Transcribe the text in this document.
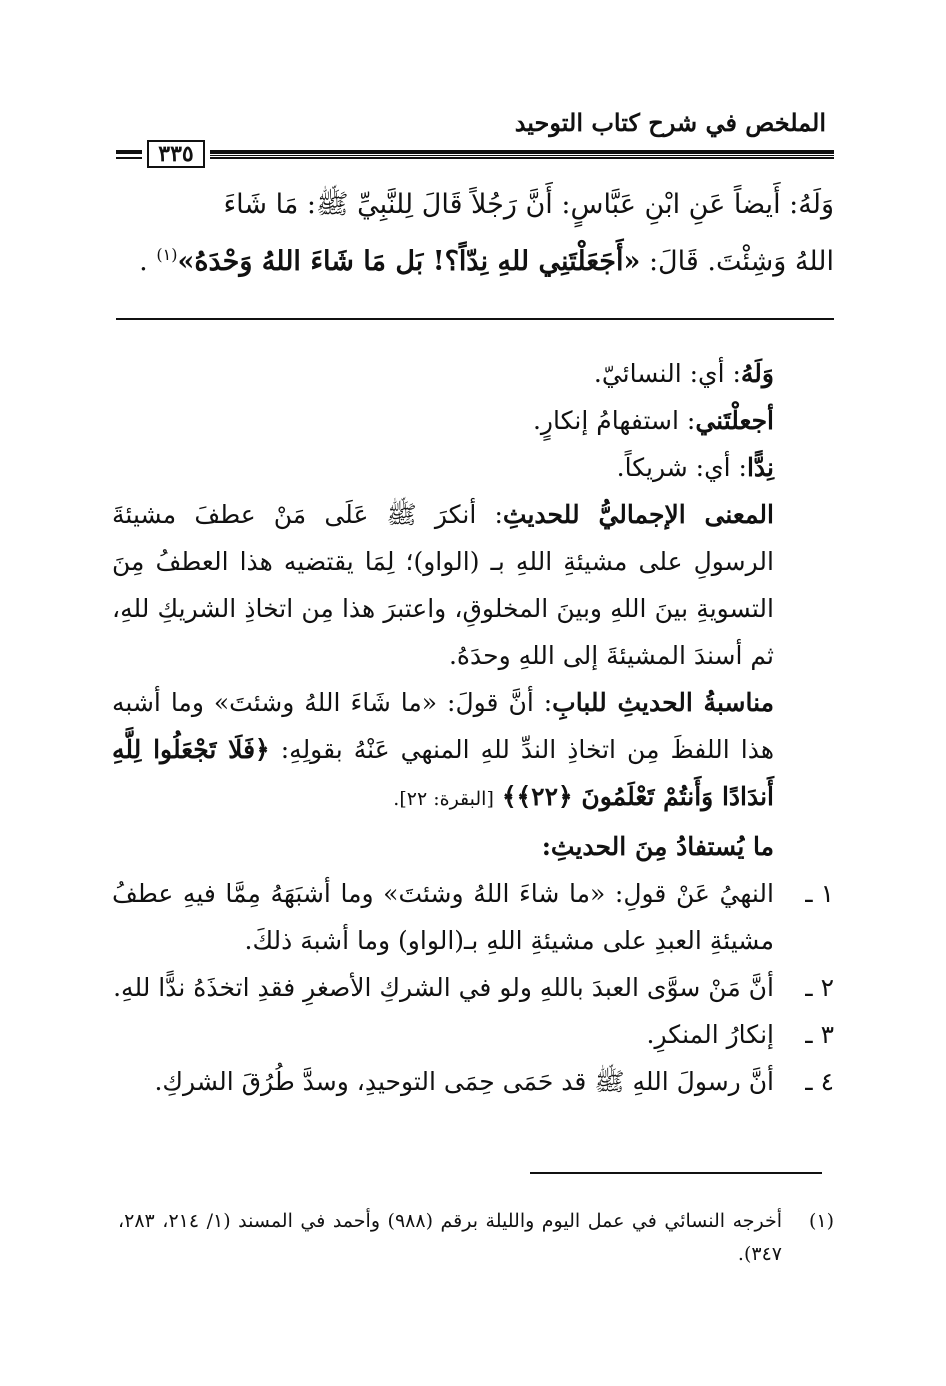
الملخص في شرح كتاب التوحيد
٣٣٥
وَلَهُ: أَيضاً عَنِ ابْنِ عَبَّاسٍ: أَنَّ رَجُلاً قَالَ لِلنَّبِيِّ ﷺ: مَا شَاءَ
اللهُ وَشِئْتَ. قَالَ: «أَجَعَلْتَنِي للهِ نِدّاً؟! بَل مَا شَاءَ اللهُ وَحْدَهُ»$^{(١)}$ .

وَلَهُ: أي: النسائيّ.

أجعلْتَني: استفهامُ إنكارٍ.

نِدًّا: أي: شريكاً.

المعنى الإجماليُّ للحديثِ: أنكرَ ﷺ عَلَى مَنْ عطفَ مشيئةَ الرسولِ على مشيئةِ اللهِ بـ (الواو)؛ لِمَا يقتضيه هذا العطفُ مِنَ التسويةِ بينَ اللهِ وبينَ المخلوقِ، واعتبرَ هذا مِن اتخاذِ الشريكِ للهِ، ثم أسندَ المشيئةَ إلى اللهِ وحدَهُ.

مناسبةُ الحديثِ للبابِ: أنَّ قولَ: «ما شَاءَ اللهُ وشئتَ» وما أشبه هذا اللفظَ مِن اتخاذِ الندِّ للهِ المنهي عَنْهُ بقولِهِ: ﴿فَلَا تَجْعَلُوا لِلَّهِ أَندَادًا وَأَنتُمْ تَعْلَمُونَ ﴿٢٢﴾﴾ [البقرة: ٢٢].

ما يُستفادُ مِنَ الحديثِ:

١ ـ
النهيُ عَنْ قولِ: «ما شاءَ اللهُ وشئتَ» وما أشبَهَهُ مِمَّا فيهِ عطفُ مشيئةِ العبدِ على مشيئةِ اللهِ بـ(الواو) وما أشبهَ ذلكَ.

٢ ـ
أنَّ مَنْ سوَّى العبدَ باللهِ ولو في الشركِ الأصغرِ فقدِ اتخذَهُ ندًّا للهِ.

٣ ـ
إنكارُ المنكرِ.

٤ ـ
أنَّ رسولَ اللهِ ﷺ قد حَمَى حِمَى التوحيدِ، وسدَّ طُرُقَ الشركِ.

(١)
أخرجه النسائي في عمل اليوم والليلة برقم (٩٨٨) وأحمد في المسند (١/ ٢١٤، ٢٨٣، ٣٤٧).
